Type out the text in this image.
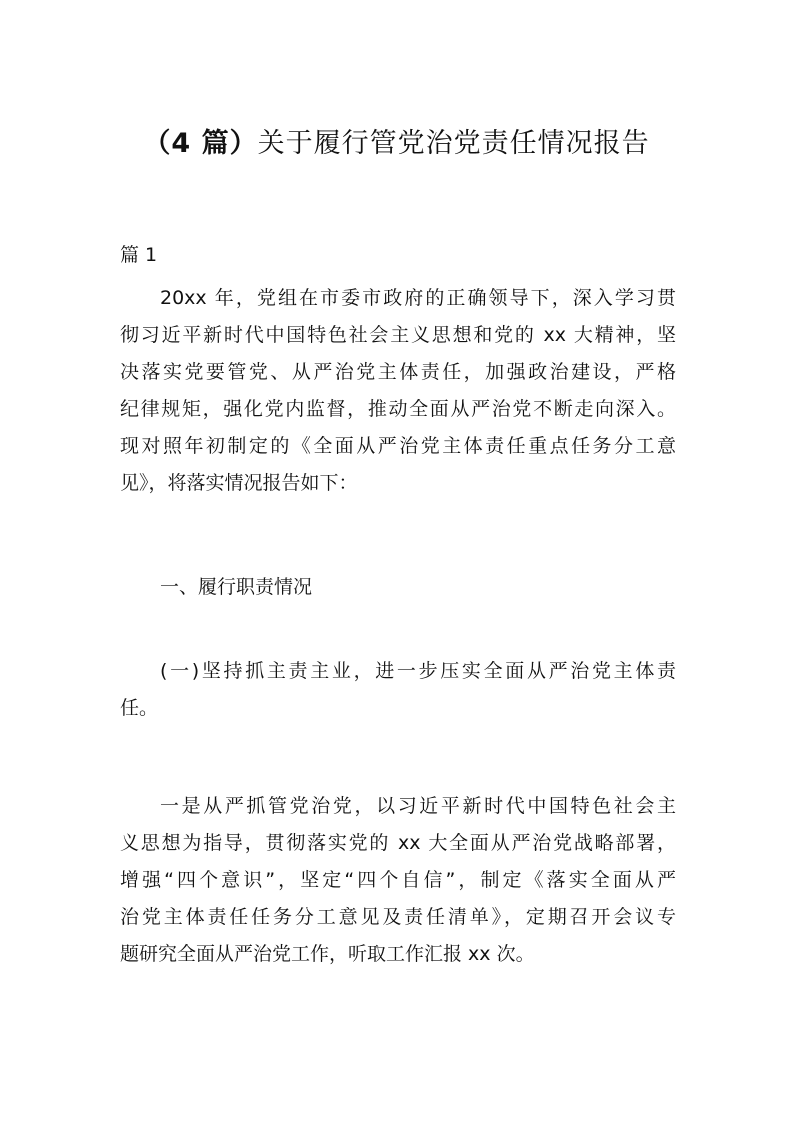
（4 篇）关于履行管党治党责任情况报告

篇 1

20xx 年，党组在市委市政府的正确领导下，深入学习贯
彻习近平新时代中国特色社会主义思想和党的 xx 大精神，坚
决落实党要管党、从严治党主体责任，加强政治建设，严格
纪律规矩，强化党内监督，推动全面从严治党不断走向深入。
现对照年初制定的《全面从严治党主体责任重点任务分工意
见》，将落实情况报告如下：

一、履行职责情况

(一)坚持抓主责主业，进一步压实全面从严治党主体责
任。

一是从严抓管党治党，以习近平新时代中国特色社会主
义思想为指导，贯彻落实党的 xx 大全面从严治党战略部署，
增强“四个意识”，坚定“四个自信”，制定《落实全面从严
治党主体责任任务分工意见及责任清单》，定期召开会议专
题研究全面从严治党工作，听取工作汇报 xx 次。
